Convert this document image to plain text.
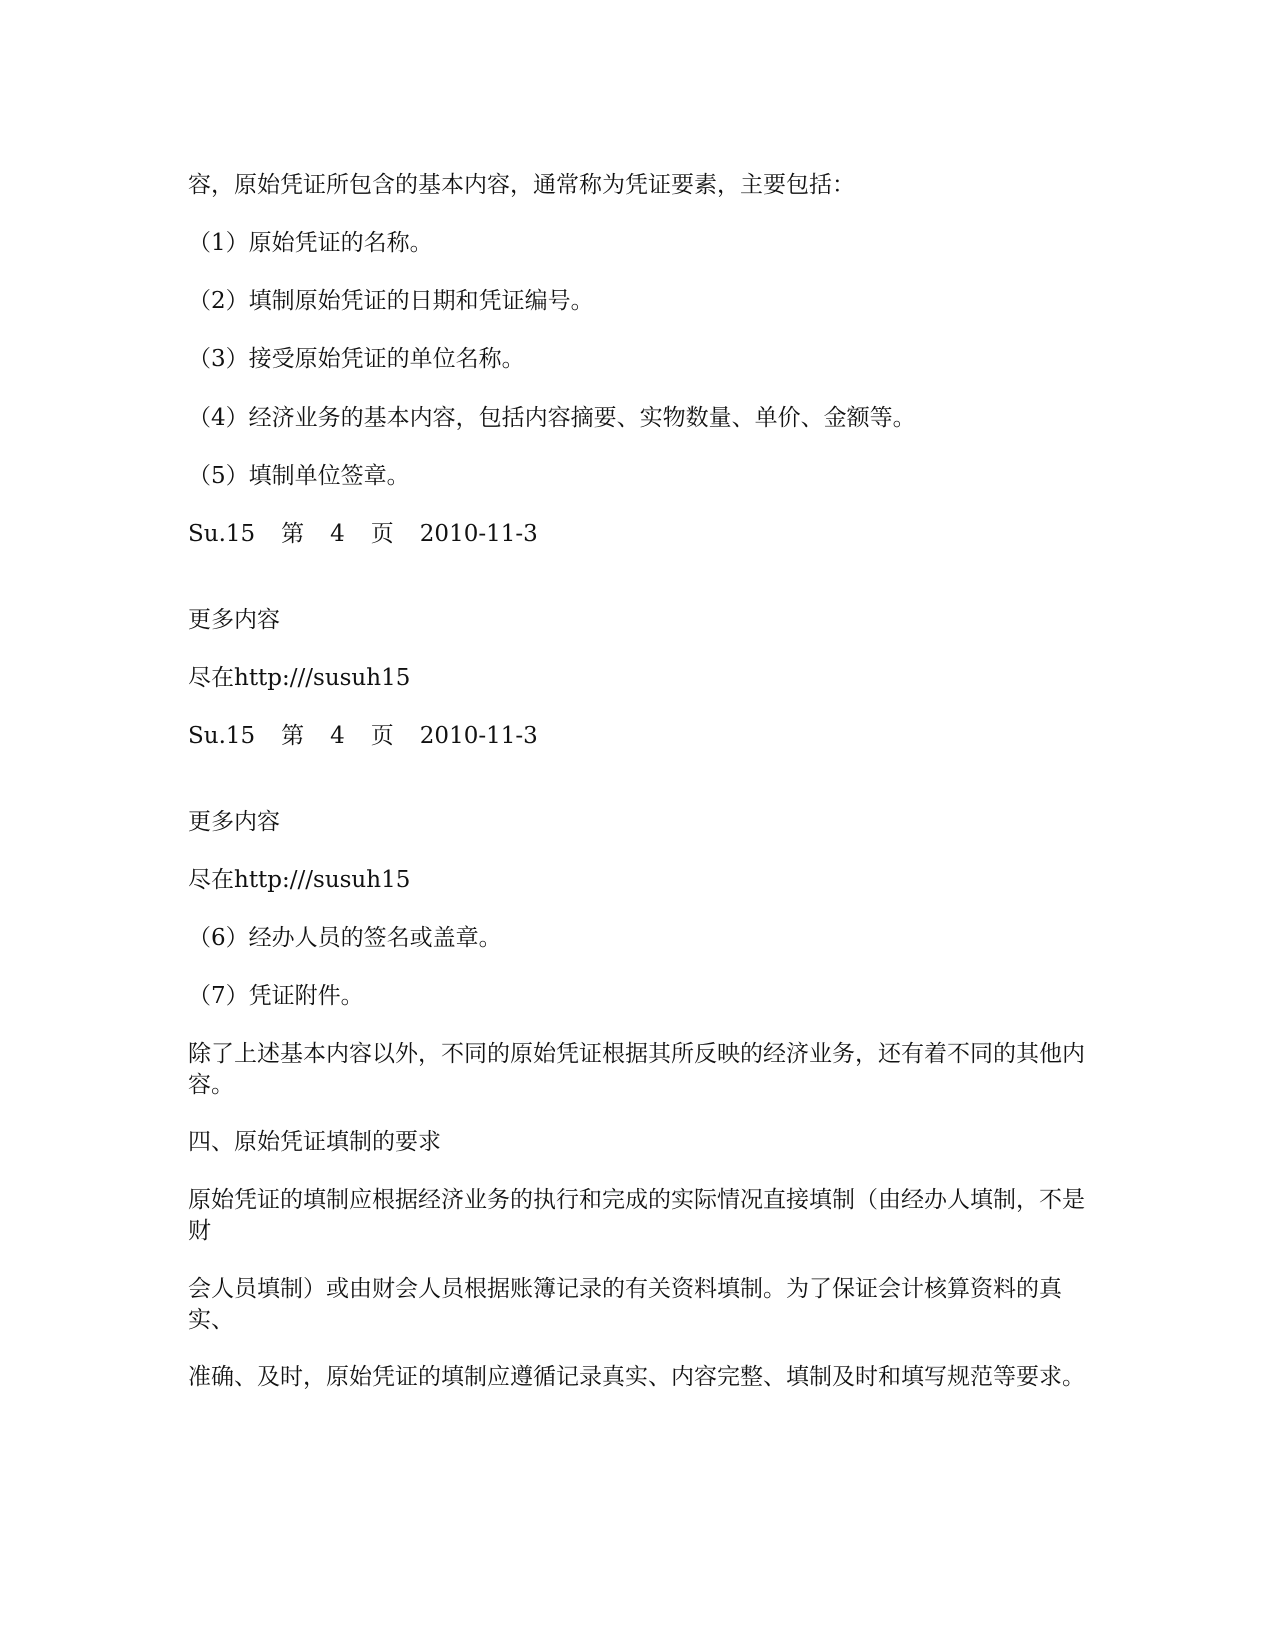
容，原始凭证所包含的基本内容，通常称为凭证要素，主要包括：

（1）原始凭证的名称。

（2）填制原始凭证的日期和凭证编号。

（3）接受原始凭证的单位名称。

（4）经济业务的基本内容，包括内容摘要、实物数量、单价、金额等。

（5）填制单位签章。

Su.15 第 4 页 2010-11-3

更多内容

尽在http:///susuh15

Su.15 第 4 页 2010-11-3

更多内容

尽在http:///susuh15

（6）经办人员的签名或盖章。

（7）凭证附件。

除了上述基本内容以外，不同的原始凭证根据其所反映的经济业务，还有着不同的其他内容。

四、原始凭证填制的要求

原始凭证的填制应根据经济业务的执行和完成的实际情况直接填制（由经办人填制，不是财

会人员填制）或由财会人员根据账簿记录的有关资料填制。为了保证会计核算资料的真实、

准确、及时，原始凭证的填制应遵循记录真实、内容完整、填制及时和填写规范等要求。
